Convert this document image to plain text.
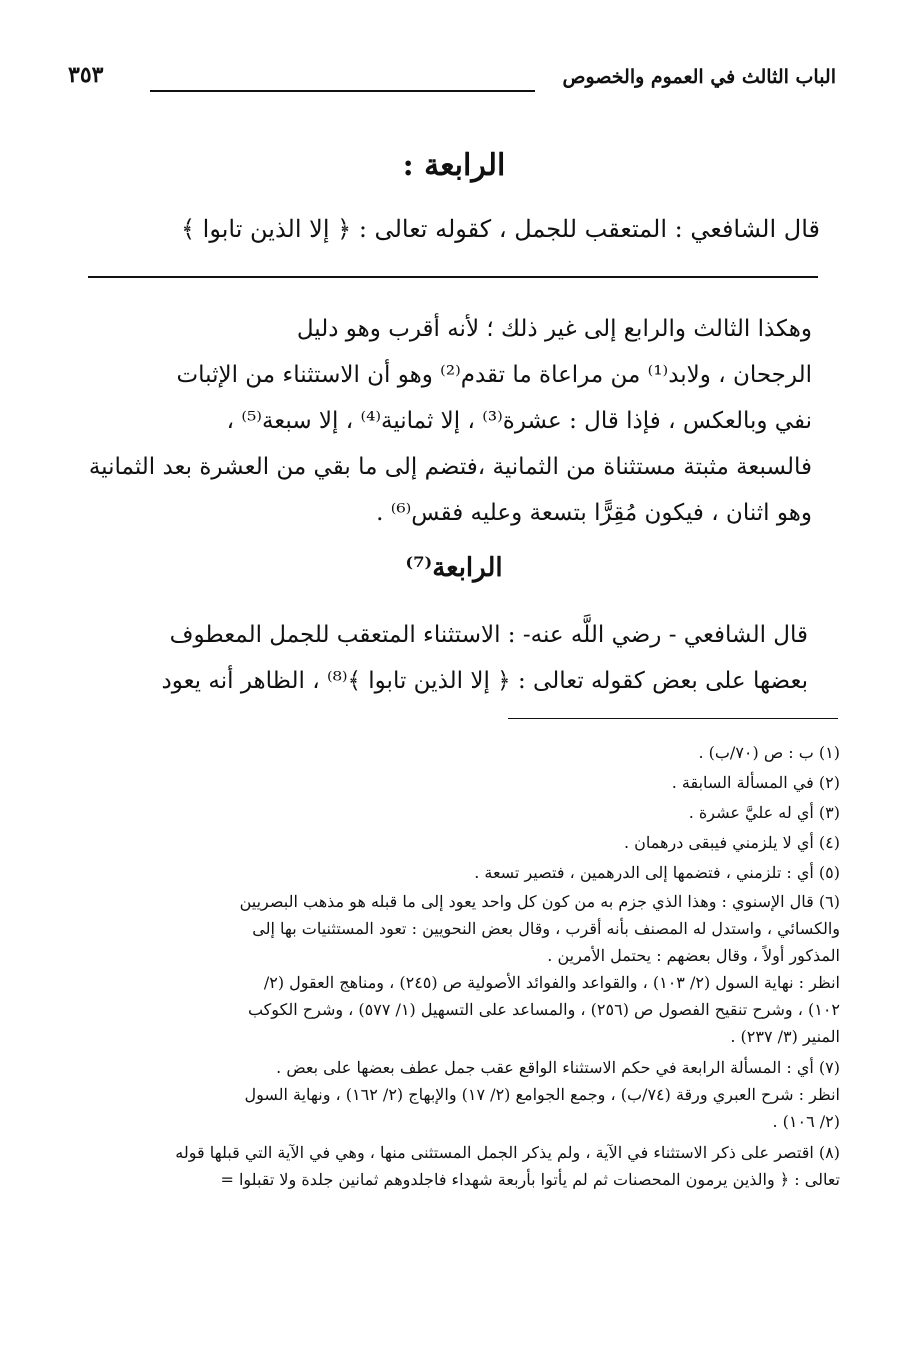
الباب الثالث في العموم والخصوص
٣٥٣
الرابعة :
قال الشافعي : المتعقب للجمل ، كقوله تعالى : ﴿ إلا الذين تابوا ﴾
وهكذا الثالث والرابع إلى غير ذلك ؛ لأنه أقرب وهو دليل
الرجحان ، ولابد⁽¹⁾ من مراعاة ما تقدم⁽²⁾ وهو أن الاستثناء من الإثبات
نفي وبالعكس ، فإذا قال : عشرة⁽³⁾ ، إلا ثمانية⁽⁴⁾ ، إلا سبعة⁽⁵⁾ ،
فالسبعة مثبتة مستثناة من الثمانية ،فتضم إلى ما بقي من العشرة بعد الثمانية
وهو اثنان ، فيكون مُقِرًّا بتسعة وعليه فقس⁽⁶⁾ .
الرابعة⁽⁷⁾
قال الشافعي - رضي اللَّه عنه- : الاستثناء المتعقب للجمل المعطوف
بعضها على بعض كقوله تعالى : ﴿ إلا الذين تابوا ﴾⁽⁸⁾ ، الظاهر أنه يعود
(١) ب : ص (٧٠/ب) .
(٢) في المسألة السابقة .
(٣) أي له عليَّ عشرة .
(٤) أي لا يلزمني فيبقى درهمان .
(٥) أي : تلزمني ، فتضمها إلى الدرهمين ، فتصير تسعة .
(٦) قال الإسنوي : وهذا الذي جزم به من كون كل واحد يعود إلى ما قبله هو مذهب البصريين
والكسائي ، واستدل له المصنف بأنه أقرب ، وقال بعض النحويين : تعود المستثنيات بها إلى
المذكور أولاً ، وقال بعضهم : يحتمل الأمرين .
انظر : نهاية السول (٢/ ١٠٣) ، والقواعد والفوائد الأصولية ص (٢٤٥) ، ومناهج العقول (٢/
١٠٢) ، وشرح تنقيح الفصول ص (٢٥٦) ، والمساعد على التسهيل (١/ ٥٧٧) ، وشرح الكوكب
المنير (٣/ ٢٣٧) .
(٧) أي : المسألة الرابعة في حكم الاستثناء الواقع عقب جمل عطف بعضها على بعض .
انظر : شرح العبري ورقة (٧٤/ب) ، وجمع الجوامع (٢/ ١٧) والإبهاج (٢/ ١٦٢) ، ونهاية السول
(٢/ ١٠٦) .
(٨) اقتصر على ذكر الاستثناء في الآية ، ولم يذكر الجمل المستثنى منها ، وهي في الآية التي قبلها قوله
تعالى : ﴿ والذين يرمون المحصنات ثم لم يأتوا بأربعة شهداء فاجلدوهم ثمانين جلدة ولا تقبلوا =
